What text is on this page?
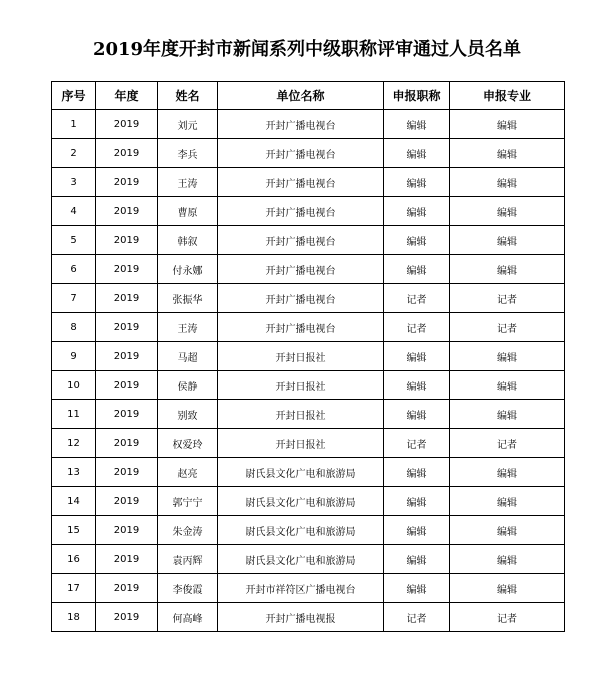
2019年度开封市新闻系列中级职称评审通过人员名单
序号	年度	姓名	单位名称	申报职称	申报专业
1	2019	刘元	开封广播电视台	编辑	编辑
2	2019	李兵	开封广播电视台	编辑	编辑
3	2019	王涛	开封广播电视台	编辑	编辑
4	2019	曹原	开封广播电视台	编辑	编辑
5	2019	韩叙	开封广播电视台	编辑	编辑
6	2019	付永娜	开封广播电视台	编辑	编辑
7	2019	张振华	开封广播电视台	记者	记者
8	2019	王涛	开封广播电视台	记者	记者
9	2019	马超	开封日报社	编辑	编辑
10	2019	侯静	开封日报社	编辑	编辑
11	2019	别致	开封日报社	编辑	编辑
12	2019	权爱玲	开封日报社	记者	记者
13	2019	赵亮	尉氏县文化广电和旅游局	编辑	编辑
14	2019	郭宁宁	尉氏县文化广电和旅游局	编辑	编辑
15	2019	朱金涛	尉氏县文化广电和旅游局	编辑	编辑
16	2019	袁丙辉	尉氏县文化广电和旅游局	编辑	编辑
17	2019	李俊霞	开封市祥符区广播电视台	编辑	编辑
18	2019	何高峰	开封广播电视报	记者	记者
